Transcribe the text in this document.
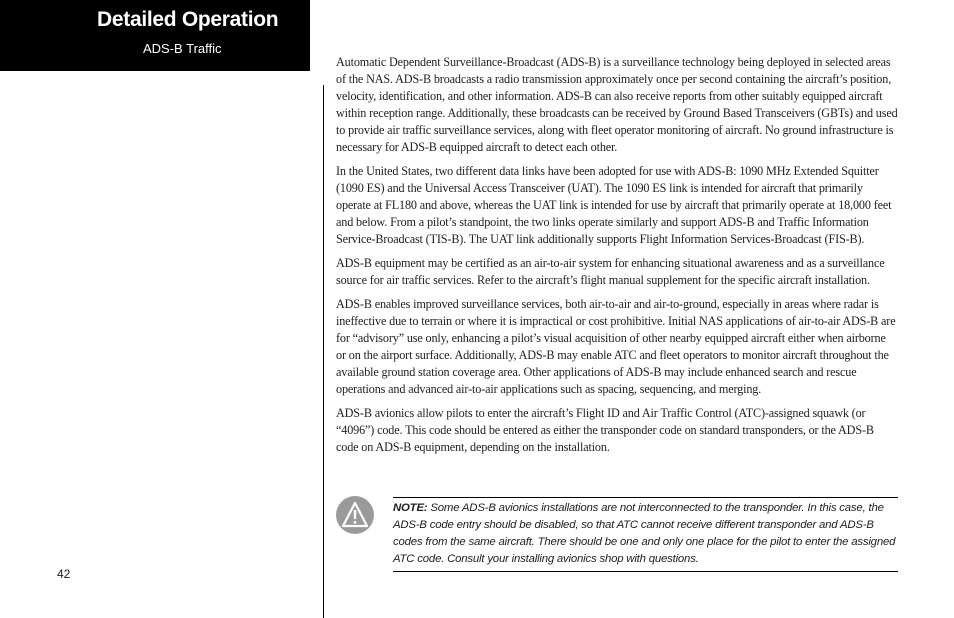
Detailed Operation
ADS-B Traffic
42

Automatic Dependent Surveillance-Broadcast (ADS-B) is a surveillance technology being deployed in selected areas of the NAS. ADS-B broadcasts a radio transmission approximately once per second containing the aircraft’s position, velocity, identification, and other information. ADS-B can also receive reports from other suitably equipped aircraft within reception range. Additionally, these broadcasts can be received by Ground Based Transceivers (GBTs) and used to provide air traffic surveillance services, along with fleet operator monitoring of aircraft. No ground infrastructure is necessary for ADS-B equipped aircraft to detect each other.

In the United States, two different data links have been adopted for use with ADS-B: 1090 MHz Extended Squitter (1090 ES) and the Universal Access Transceiver (UAT). The 1090 ES link is intended for aircraft that primarily operate at FL180 and above, whereas the UAT link is intended for use by aircraft that primarily operate at 18,000 feet and below. From a pilot’s standpoint, the two links operate similarly and support ADS-B and Traffic Information Service-Broadcast (TIS-B). The UAT link additionally supports Flight Information Services-Broadcast (FIS-B).

ADS-B equipment may be certified as an air-to-air system for enhancing situational awareness and as a surveillance source for air traffic services. Refer to the aircraft’s flight manual supplement for the specific aircraft installation.

ADS-B enables improved surveillance services, both air-to-air and air-to-ground, especially in areas where radar is ineffective due to terrain or where it is impractical or cost prohibitive. Initial NAS applications of air-to-air ADS-B are for “advisory” use only, enhancing a pilot’s visual acquisition of other nearby equipped aircraft either when airborne or on the airport surface. Additionally, ADS-B may enable ATC and fleet operators to monitor aircraft throughout the available ground station coverage area. Other applications of ADS-B may include enhanced search and rescue operations and advanced air-to-air applications such as spacing, sequencing, and merging.

ADS-B avionics allow pilots to enter the aircraft’s Flight ID and Air Traffic Control (ATC)-assigned squawk (or “4096”) code. This code should be entered as either the transponder code on standard transponders, or the ADS-B code on ADS-B equipment, depending on the installation.

NOTE: Some ADS-B avionics installations are not interconnected to the transponder. In this case, the ADS-B code entry should be disabled, so that ATC cannot receive different transponder and ADS-B codes from the same aircraft. There should be one and only one place for the pilot to enter the assigned ATC code. Consult your installing avionics shop with questions.
